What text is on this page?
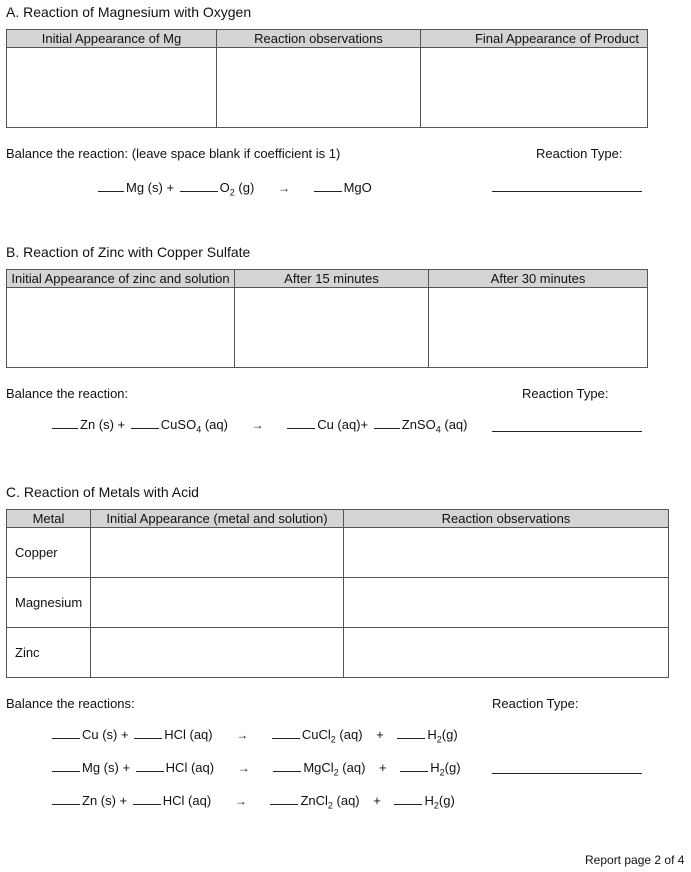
A. Reaction of Magnesium with Oxygen
Initial Appearance of Mg	Reaction observations	Final Appearance of Product

Balance the reaction: (leave space blank if coefficient is 1)	Reaction Type:
Mg (s) +	$O_2$ (g) →	MgO
B. Reaction of Zinc with Copper Sulfate
Initial Appearance of zinc and solution	After 15 minutes	After 30 minutes

Balance the reaction:	Reaction Type:
Zn (s) +	CuSO$_4$ (aq) →	Cu (aq)+	ZnSO$_4$ (aq)
C. Reaction of Metals with Acid
Metal	Initial Appearance (metal and solution)	Reaction observations
Copper		
Magnesium		
Zinc		
Balance the reactions:	Reaction Type:
Cu (s) +	HCl (aq) →	CuCl$_2$ (aq) +	$H_2(g)$
Mg (s) +	HCl (aq) →	MgCl$_2$ (aq) +	$H_2(g)$
Zn (s) +	HCl (aq) →	ZnCl$_2$ (aq) +	$H_2(g)$
Report page 2 of 4
